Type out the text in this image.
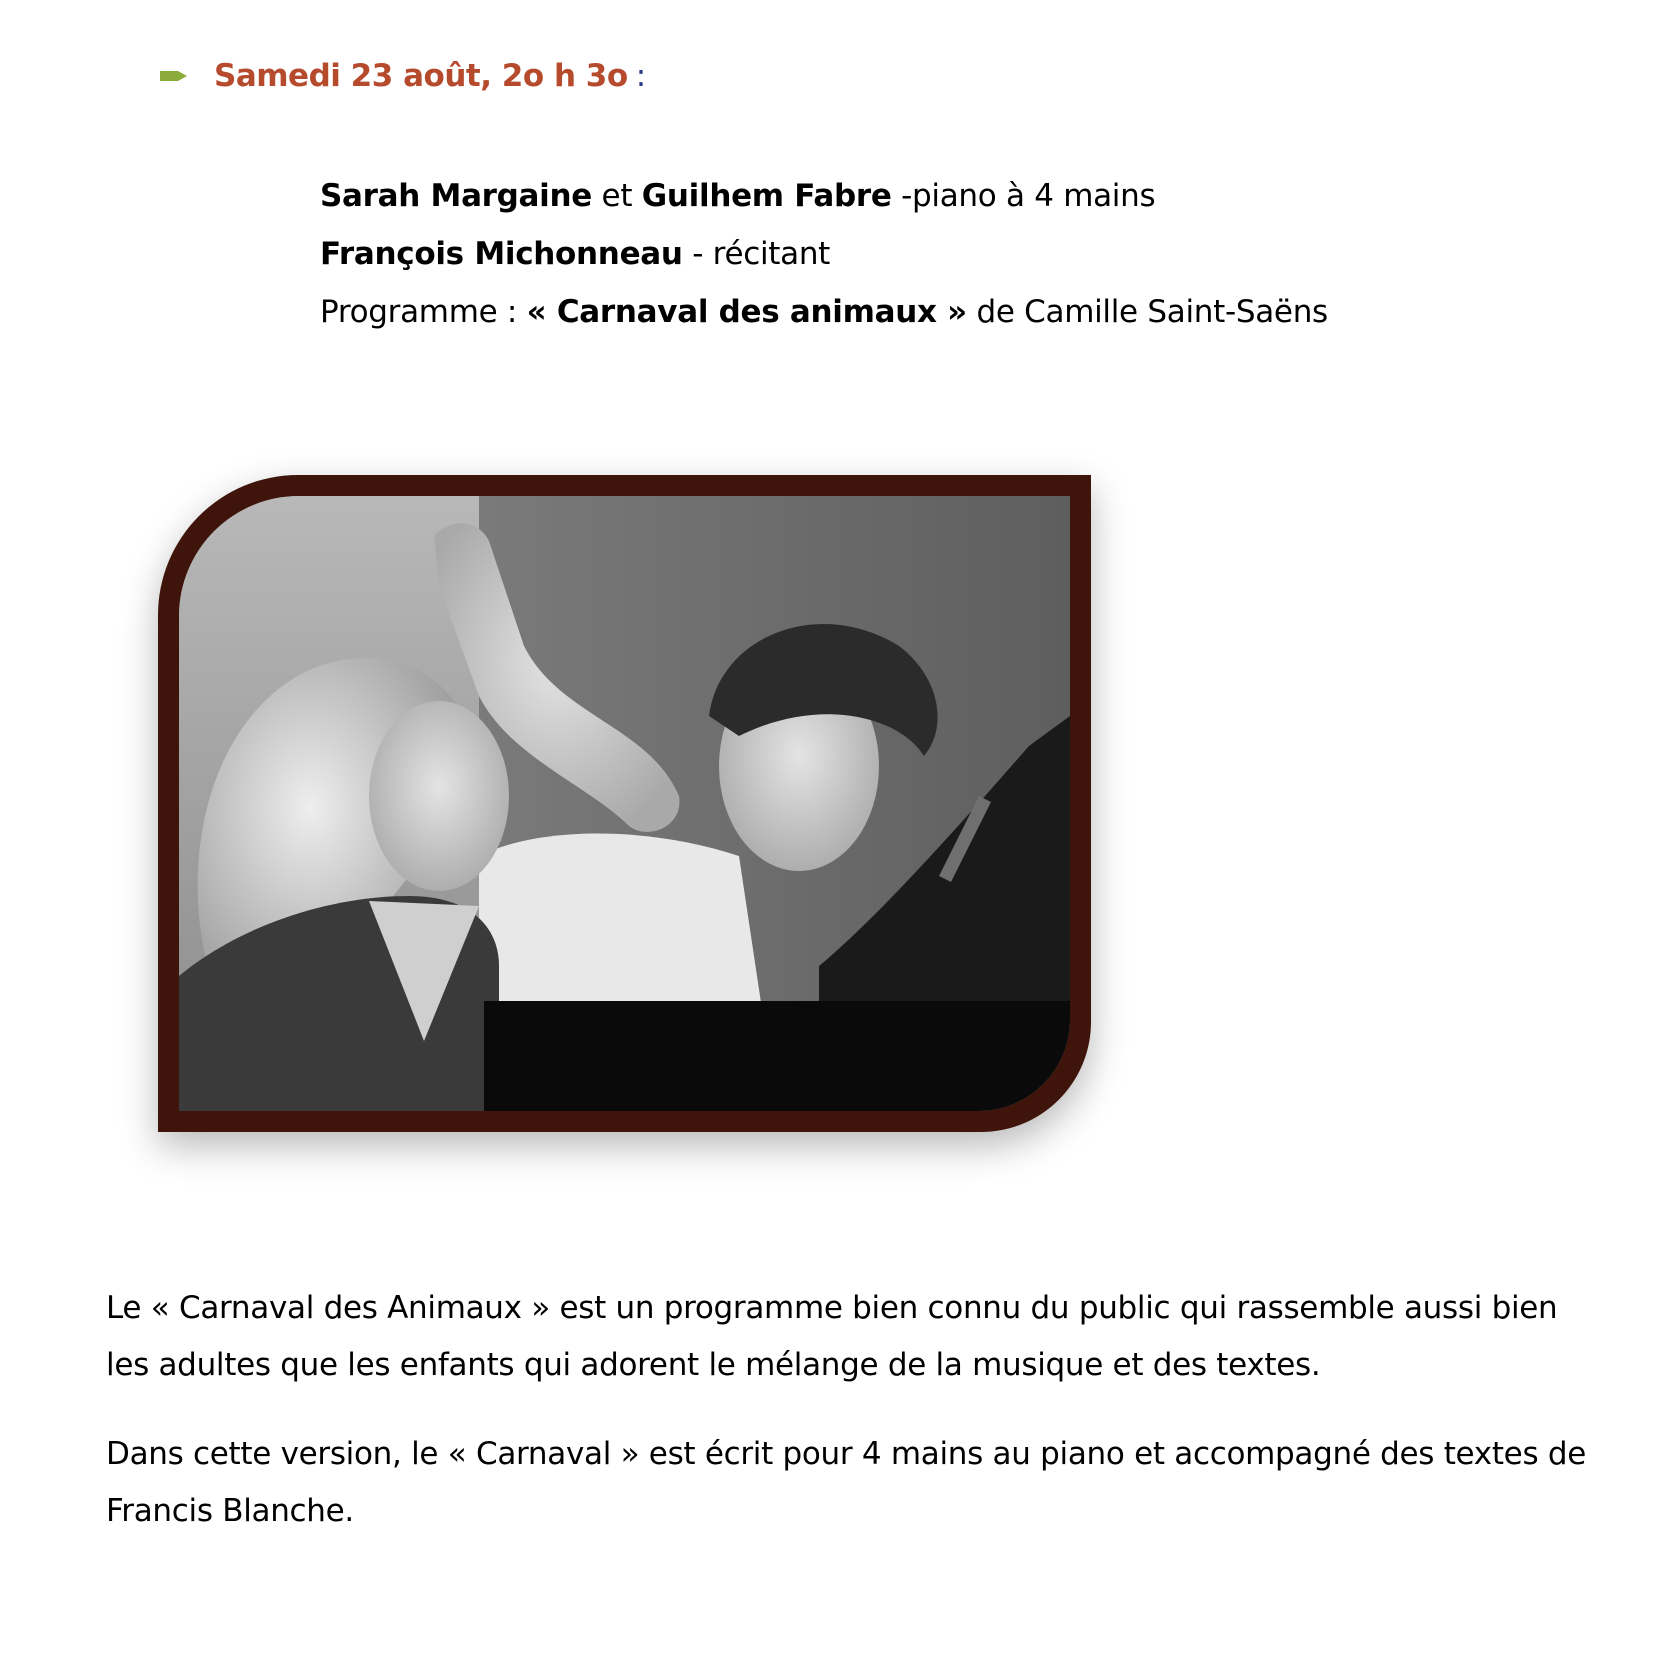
Samedi 23 août, 2o h 3o :
Sarah Margaine et Guilhem Fabre -piano à 4 mains
François Michonneau - récitant
Programme : « Carnaval des animaux » de Camille Saint-Saëns

Le « Carnaval des Animaux » est un programme bien connu du public qui rassemble aussi bien les adultes que les enfants qui adorent le mélange de la musique et des textes.

Dans cette version, le « Carnaval » est écrit pour 4 mains au piano et accompagné des textes de Francis Blanche.
